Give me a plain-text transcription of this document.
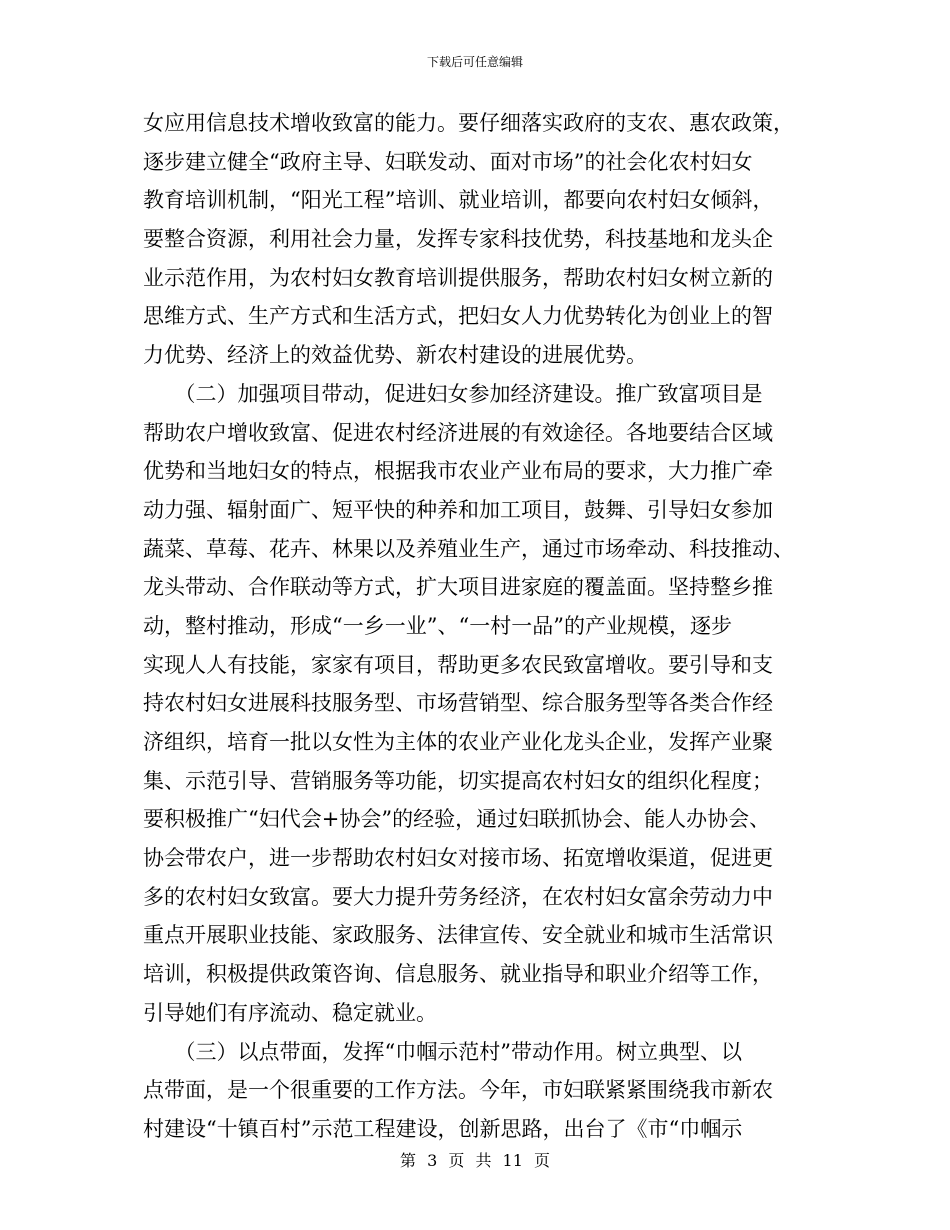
下载后可任意编辑
女应用信息技术增收致富的能力。要仔细落实政府的支农、惠农政策，
逐步建立健全“政府主导、妇联发动、面对市场”的社会化农村妇女
教育培训机制，“阳光工程”培训、就业培训，都要向农村妇女倾斜，
要整合资源，利用社会力量，发挥专家科技优势，科技基地和龙头企
业示范作用，为农村妇女教育培训提供服务，帮助农村妇女树立新的
思维方式、生产方式和生活方式，把妇女人力优势转化为创业上的智
力优势、经济上的效益优势、新农村建设的进展优势。
　　（二）加强项目带动，促进妇女参加经济建设。推广致富项目是
帮助农户增收致富、促进农村经济进展的有效途径。各地要结合区域
优势和当地妇女的特点，根据我市农业产业布局的要求，大力推广牵
动力强、辐射面广、短平快的种养和加工项目，鼓舞、引导妇女参加
蔬菜、草莓、花卉、林果以及养殖业生产，通过市场牵动、科技推动、
龙头带动、合作联动等方式，扩大项目进家庭的覆盖面。坚持整乡推
动，整村推动，形成“一乡一业”、“一村一品”的产业规模，逐步
实现人人有技能，家家有项目，帮助更多农民致富增收。要引导和支
持农村妇女进展科技服务型、市场营销型、综合服务型等各类合作经
济组织，培育一批以女性为主体的农业产业化龙头企业，发挥产业聚
集、示范引导、营销服务等功能，切实提高农村妇女的组织化程度；
要积极推广“妇代会+协会”的经验，通过妇联抓协会、能人办协会、
协会带农户，进一步帮助农村妇女对接市场、拓宽增收渠道，促进更
多的农村妇女致富。要大力提升劳务经济，在农村妇女富余劳动力中
重点开展职业技能、家政服务、法律宣传、安全就业和城市生活常识
培训，积极提供政策咨询、信息服务、就业指导和职业介绍等工作，
引导她们有序流动、稳定就业。
　　（三）以点带面，发挥“巾帼示范村”带动作用。树立典型、以
点带面，是一个很重要的工作方法。今年，市妇联紧紧围绕我市新农
村建设“十镇百村”示范工程建设，创新思路，出台了《市“巾帼示
第 3 页 共 11 页
